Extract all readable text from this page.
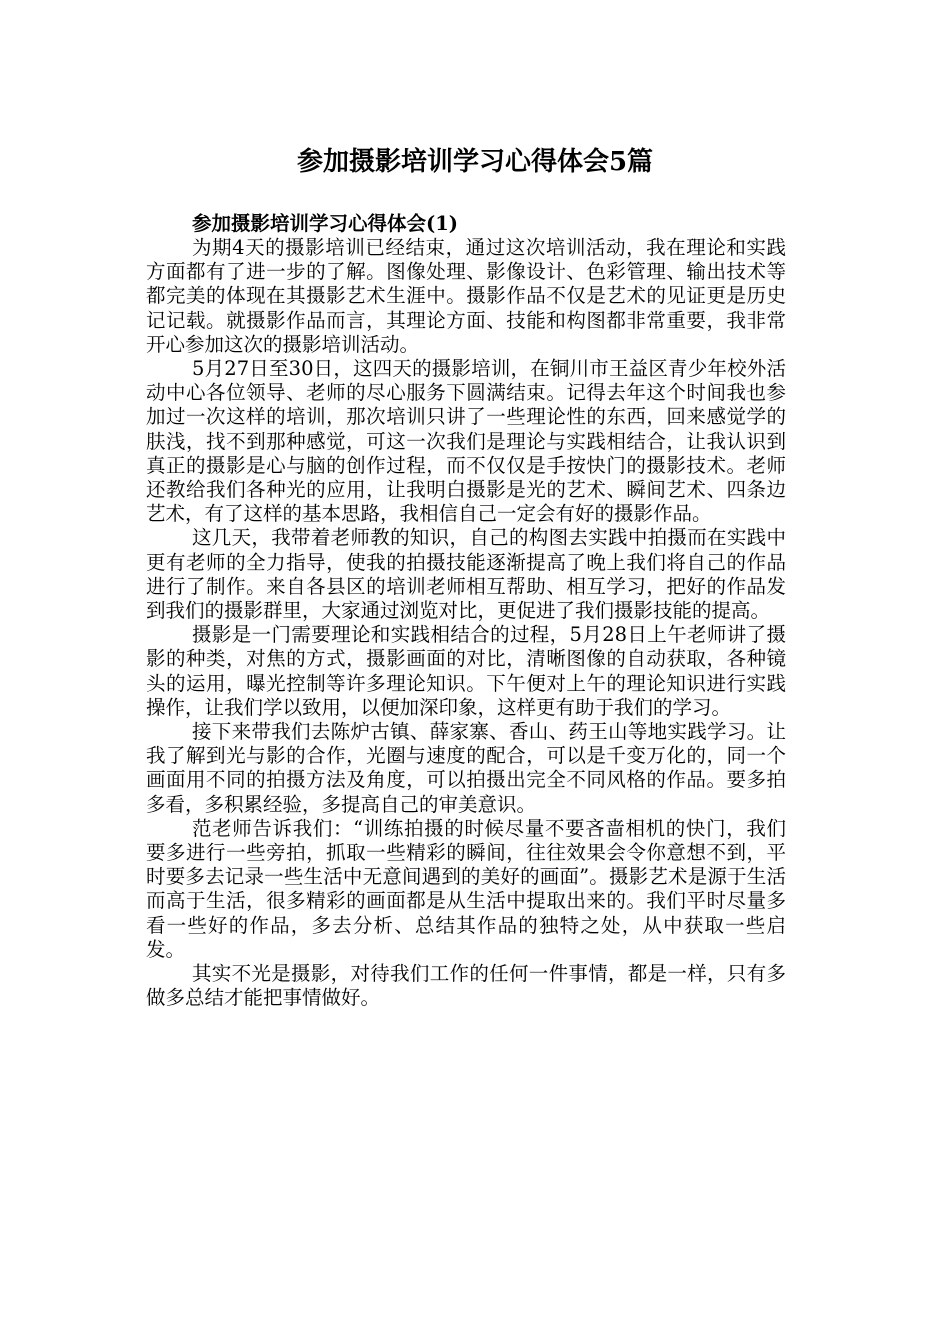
参加摄影培训学习心得体会5篇
参加摄影培训学习心得体会(1)

为期4天的摄影培训已经结束，通过这次培训活动，我在理论和实践方面都有了进一步的了解。图像处理、影像设计、色彩管理、输出技术等都完美的体现在其摄影艺术生涯中。摄影作品不仅是艺术的见证更是历史记记载。就摄影作品而言，其理论方面、技能和构图都非常重要，我非常开心参加这次的摄影培训活动。

5月27日至30日，这四天的摄影培训，在铜川市王益区青少年校外活动中心各位领导、老师的尽心服务下圆满结束。记得去年这个时间我也参加过一次这样的培训，那次培训只讲了一些理论性的东西，回来感觉学的肤浅，找不到那种感觉，可这一次我们是理论与实践相结合，让我认识到真正的摄影是心与脑的创作过程，而不仅仅是手按快门的摄影技术。老师还教给我们各种光的应用，让我明白摄影是光的艺术、瞬间艺术、四条边艺术，有了这样的基本思路，我相信自己一定会有好的摄影作品。

这几天，我带着老师教的知识，自己的构图去实践中拍摄而在实践中更有老师的全力指导，使我的拍摄技能逐渐提高了晚上我们将自己的作品进行了制作。来自各县区的培训老师相互帮助、相互学习，把好的作品发到我们的摄影群里，大家通过浏览对比，更促进了我们摄影技能的提高。

摄影是一门需要理论和实践相结合的过程，5月28日上午老师讲了摄影的种类，对焦的方式，摄影画面的对比，清晰图像的自动获取，各种镜头的运用，曝光控制等许多理论知识。下午便对上午的理论知识进行实践操作，让我们学以致用，以便加深印象，这样更有助于我们的学习。

接下来带我们去陈炉古镇、薛家寨、香山、药王山等地实践学习。让我了解到光与影的合作，光圈与速度的配合，可以是千变万化的，同一个画面用不同的拍摄方法及角度，可以拍摄出完全不同风格的作品。要多拍多看，多积累经验，多提高自己的审美意识。

范老师告诉我们：“训练拍摄的时候尽量不要吝啬相机的快门，我们要多进行一些旁拍，抓取一些精彩的瞬间，往往效果会令你意想不到，平时要多去记录一些生活中无意间遇到的美好的画面”。摄影艺术是源于生活而高于生活，很多精彩的画面都是从生活中提取出来的。我们平时尽量多看一些好的作品，多去分析、总结其作品的独特之处，从中获取一些启发。

其实不光是摄影，对待我们工作的任何一件事情，都是一样，只有多做多总结才能把事情做好。
